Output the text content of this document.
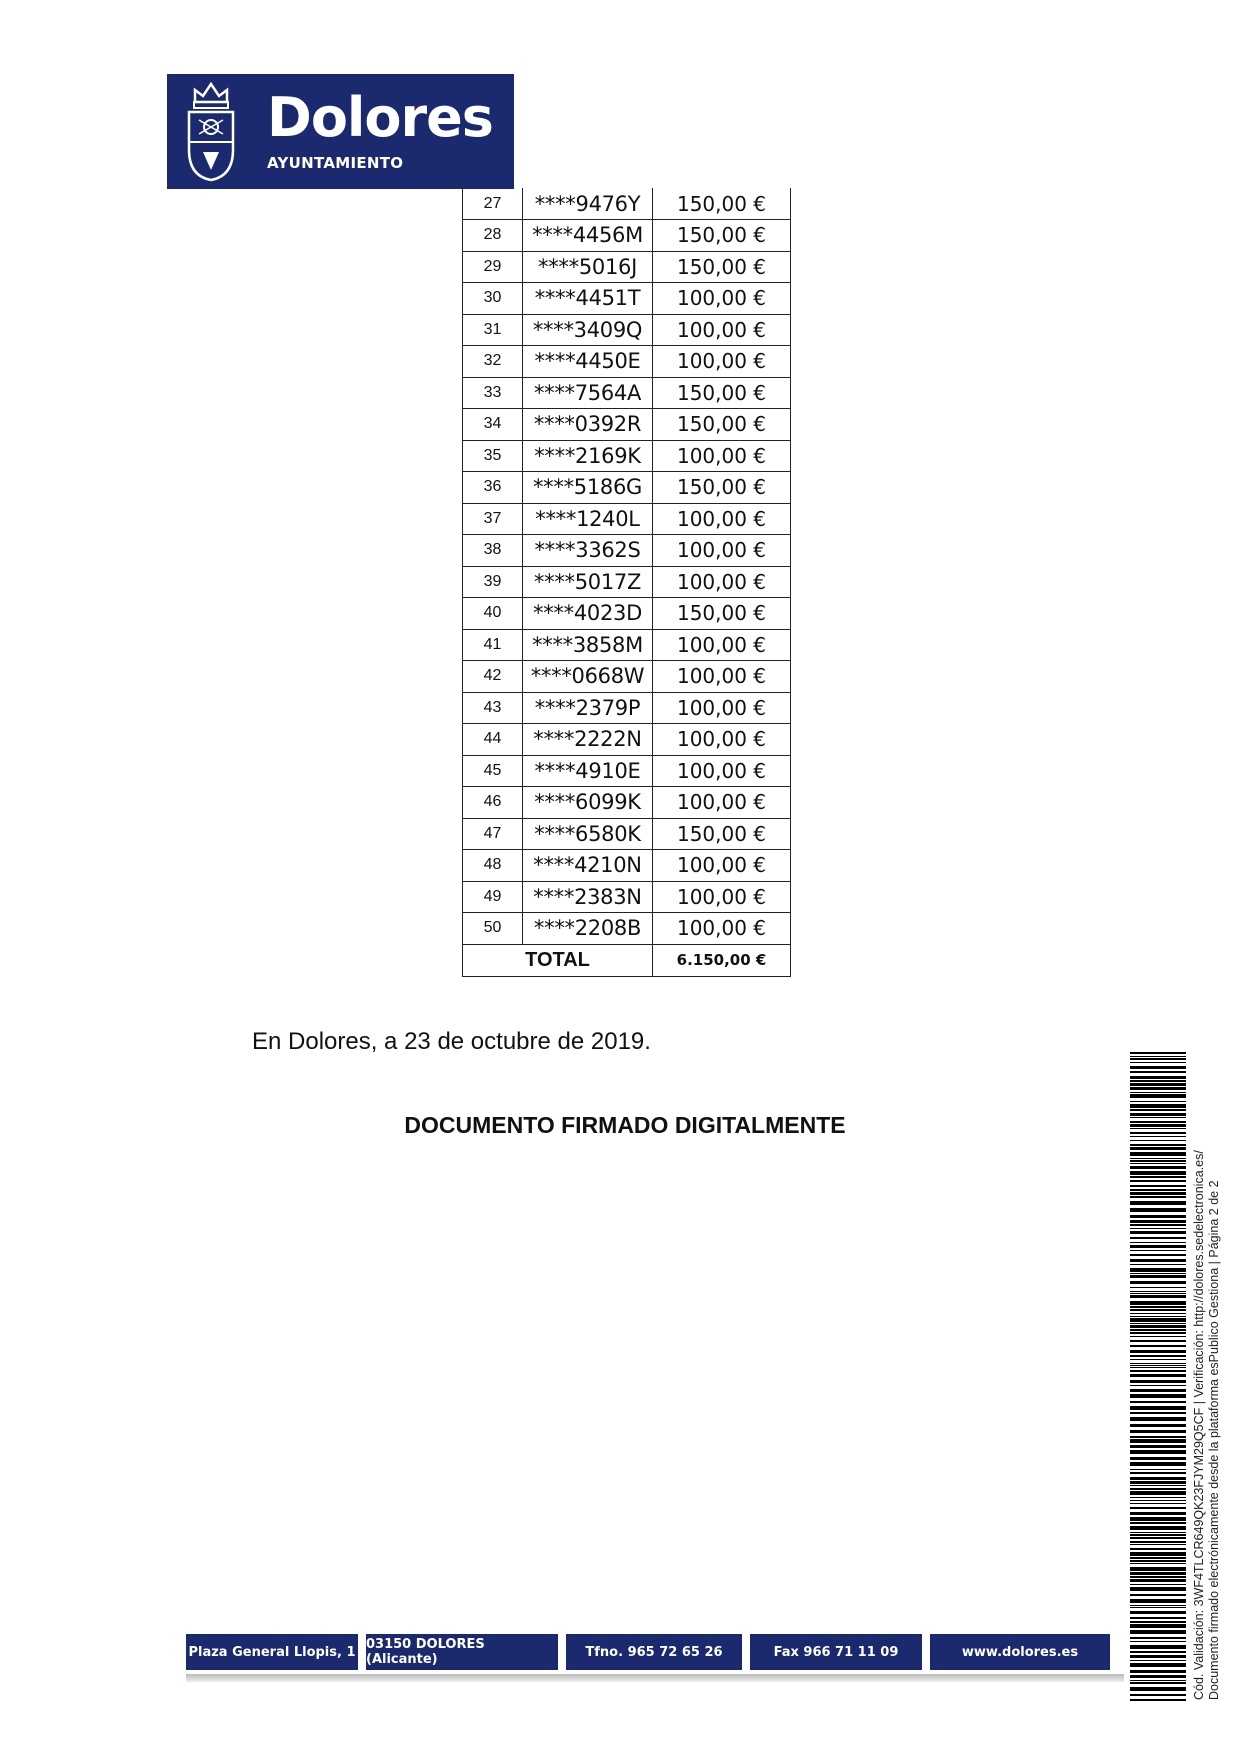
Dolores
AYUNTAMIENTO
27	****9476Y	150,00 €
28	****4456M	150,00 €
29	****5016J	150,00 €
30	****4451T	100,00 €
31	****3409Q	100,00 €
32	****4450E	100,00 €
33	****7564A	150,00 €
34	****0392R	150,00 €
35	****2169K	100,00 €
36	****5186G	150,00 €
37	****1240L	100,00 €
38	****3362S	100,00 €
39	****5017Z	100,00 €
40	****4023D	150,00 €
41	****3858M	100,00 €
42	****0668W	100,00 €
43	****2379P	100,00 €
44	****2222N	100,00 €
45	****4910E	100,00 €
46	****6099K	100,00 €
47	****6580K	150,00 €
48	****4210N	100,00 €
49	****2383N	100,00 €
50	****2208B	100,00 €
TOTAL		6.150,00 €
En Dolores, a 23 de octubre de 2019.
DOCUMENTO FIRMADO DIGITALMENTE
Cód. Validación: 3WF4TLCR649QK23FJYM29Q5CF | Verificación: http://dolores.sedelectronica.es/ Documento firmado electrónicamente desde la plataforma esPublico Gestiona | Página 2 de 2
Plaza General Llopis, 1 03150 DOLORES (Alicante)	Tfno. 965 72 65 26	Fax 966 71 11 09	www.dolores.es
